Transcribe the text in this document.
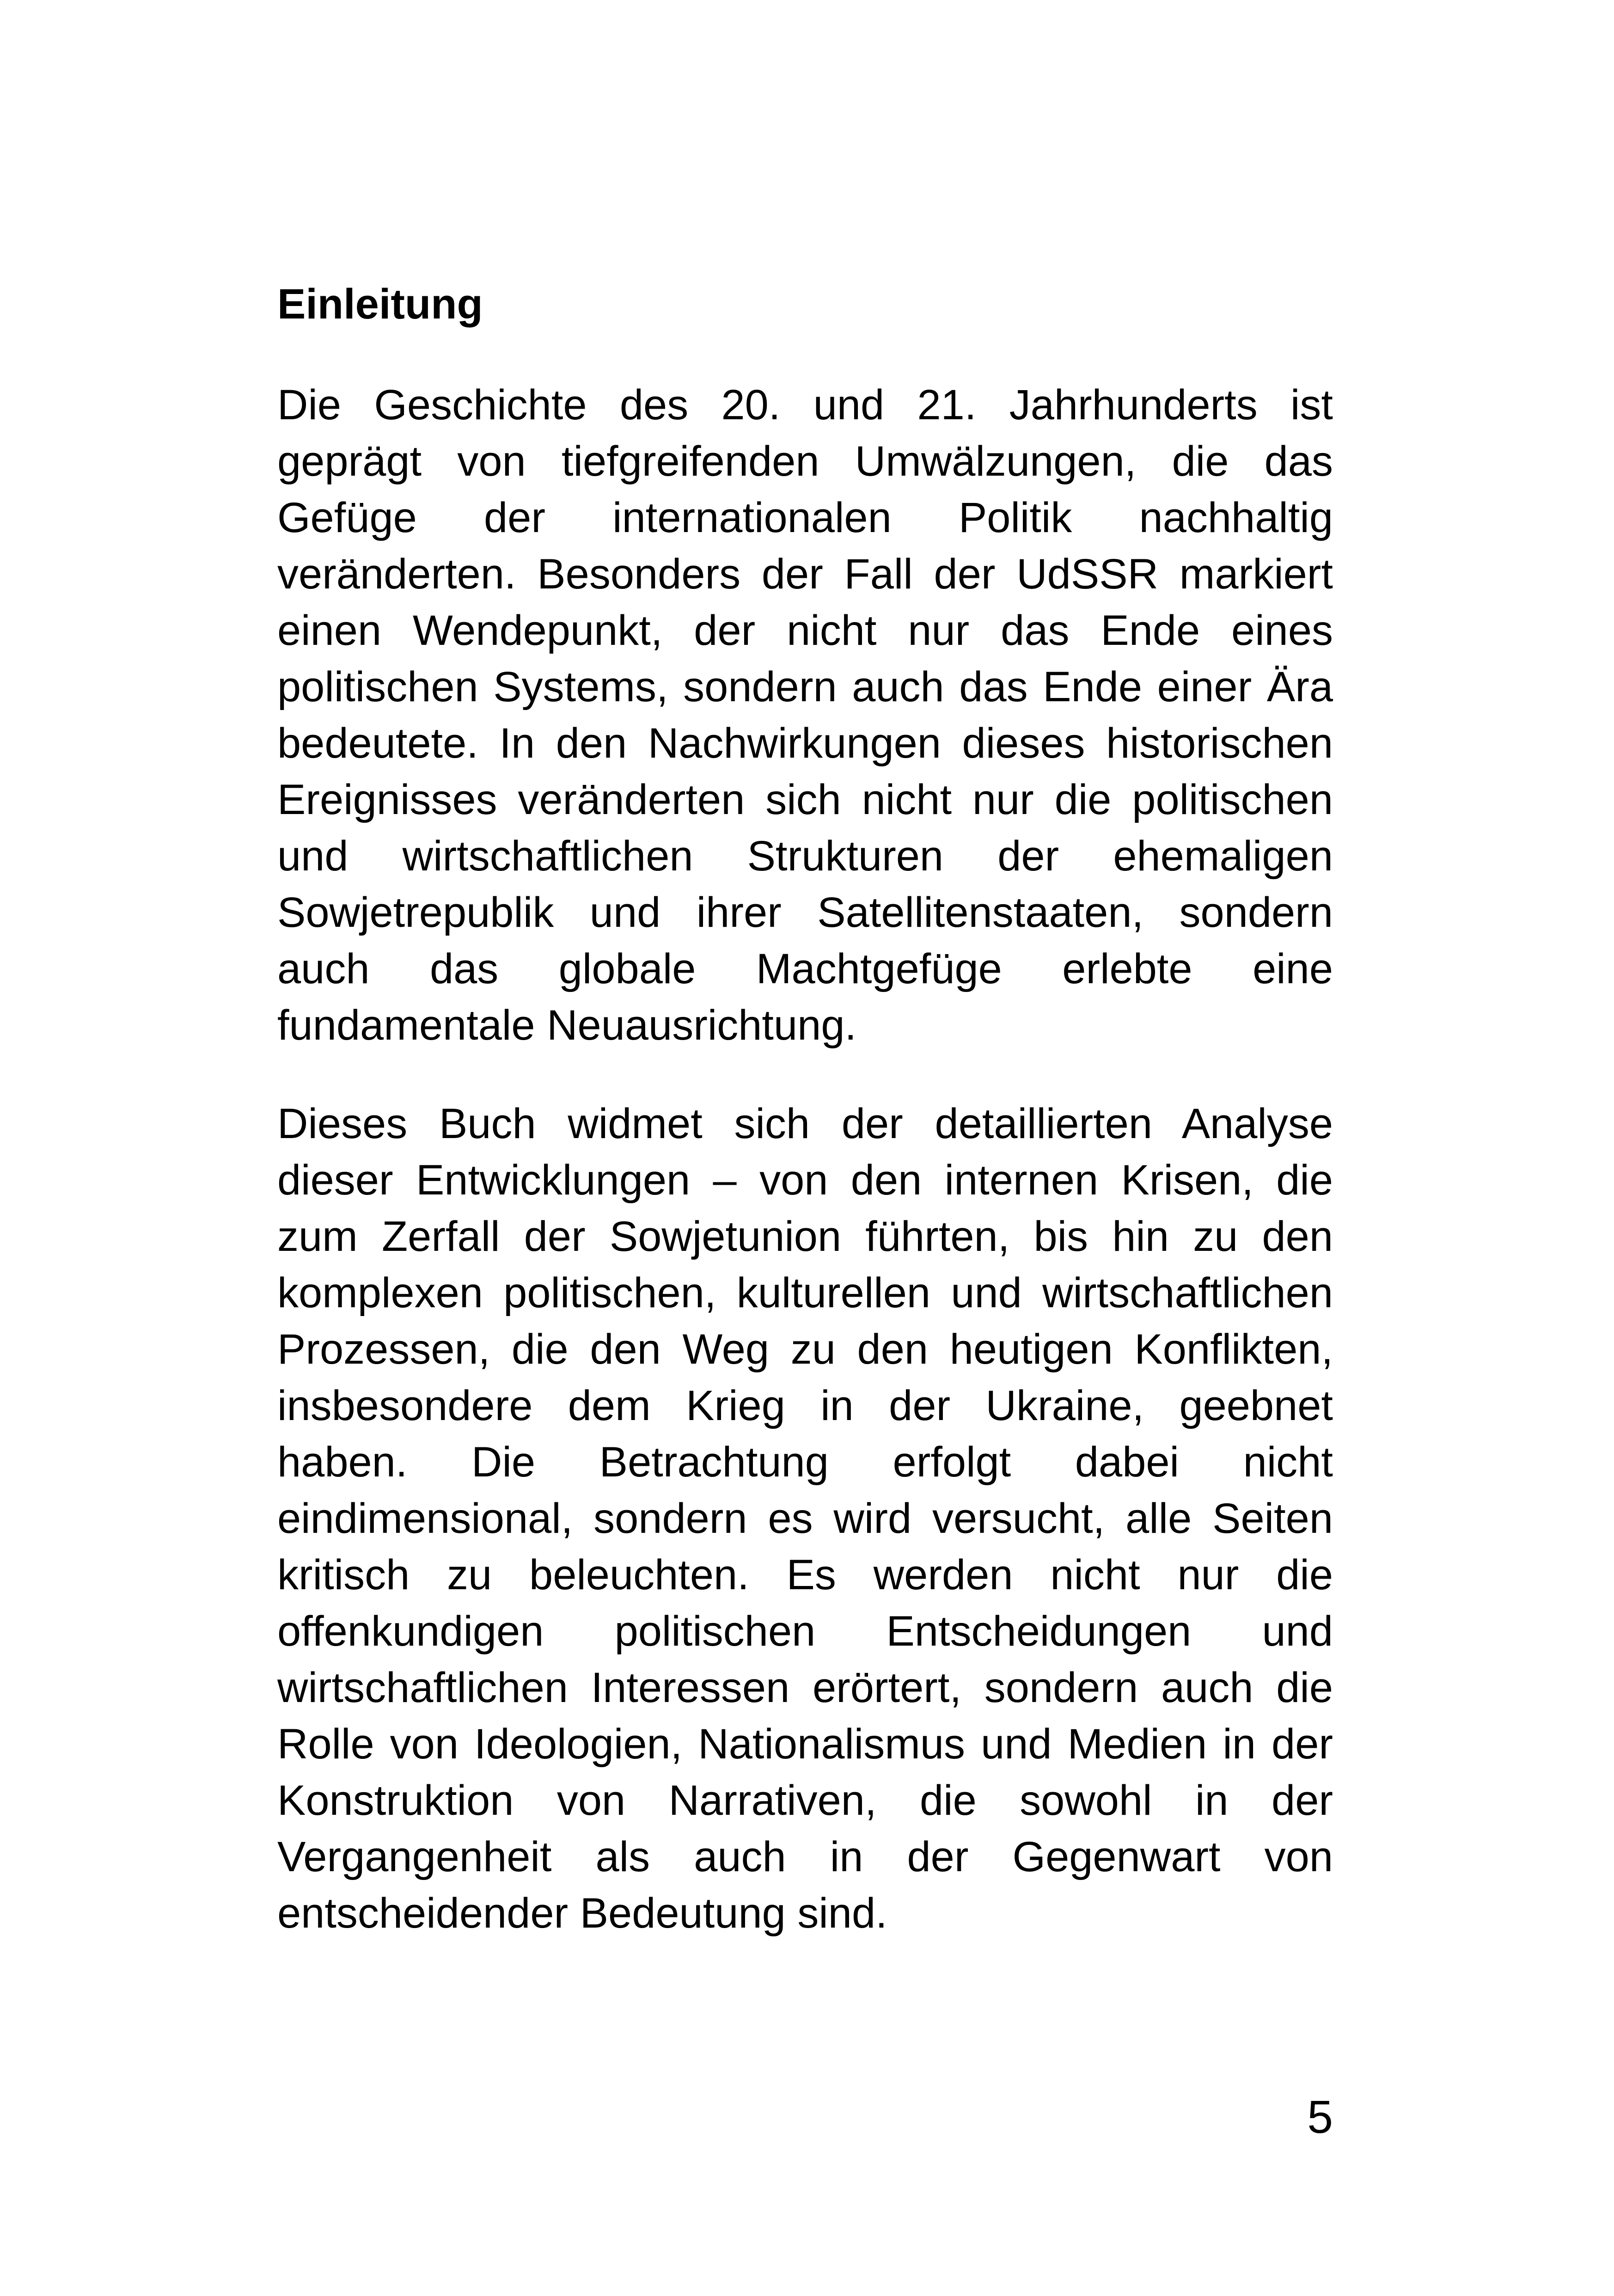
Einleitung

Die Geschichte des 20. und 21. Jahrhunderts ist geprägt von tiefgreifenden Umwälzungen, die das Gefüge der internationalen Politik nachhaltig veränderten. Besonders der Fall der UdSSR markiert einen Wendepunkt, der nicht nur das Ende eines politischen Systems, sondern auch das Ende einer Ära bedeutete. In den Nachwirkungen dieses historischen Ereignisses veränderten sich nicht nur die politischen und wirtschaftlichen Strukturen der ehemaligen Sowjetrepublik und ihrer Satellitenstaaten, sondern auch das globale Machtgefüge erlebte eine fundamentale Neuausrichtung.

Dieses Buch widmet sich der detaillierten Analyse dieser Entwicklungen – von den internen Krisen, die zum Zerfall der Sowjetunion führten, bis hin zu den komplexen politischen, kulturellen und wirtschaftlichen Prozessen, die den Weg zu den heutigen Konflikten, insbesondere dem Krieg in der Ukraine, geebnet haben. Die Betrachtung erfolgt dabei nicht eindimensional, sondern es wird versucht, alle Seiten kritisch zu beleuchten. Es werden nicht nur die offenkundigen politischen Entscheidungen und wirtschaftlichen Interessen erörtert, sondern auch die Rolle von Ideologien, Nationalismus und Medien in der Konstruktion von Narrativen, die sowohl in der Vergangenheit als auch in der Gegenwart von entscheidender Bedeutung sind.

5
